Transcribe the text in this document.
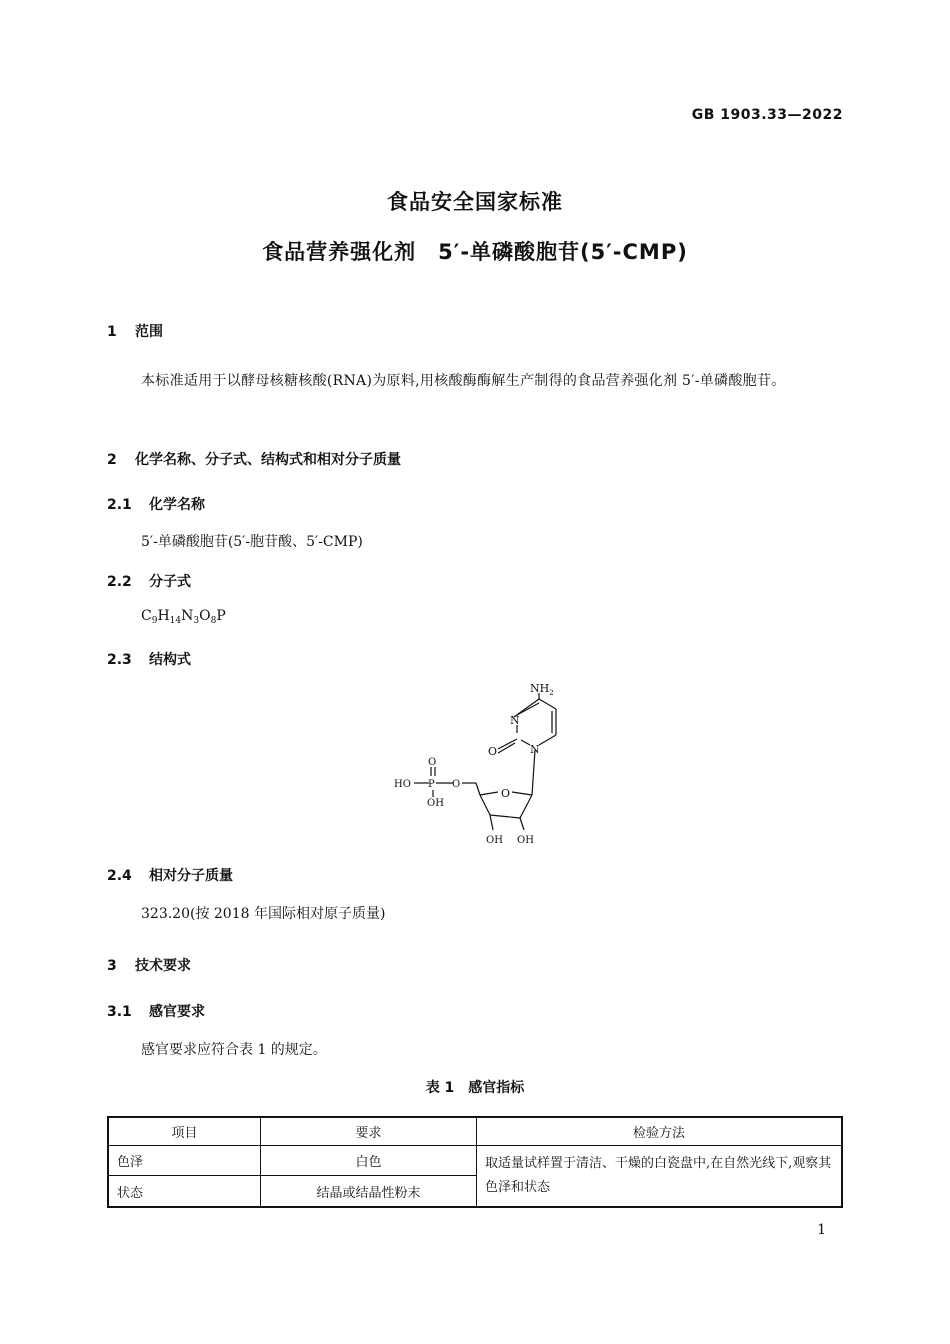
GB 1903.33—2022
食品安全国家标准
食品营养强化剂　5′-单磷酸胞苷(5′-CMP)
1 范围
本标准适用于以酵母核糖核酸(RNA)为原料,用核酸酶酶解生产制得的食品营养强化剂 5′-单磷酸胞苷。
2 化学名称、分子式、结构式和相对分子质量
2.1 化学名称
5′-单磷酸胞苷(5′-胞苷酸、5′-CMP)
2.2 分子式
$C_9H_{14}N_3O_8P$
2.3 结构式
$NH_2$
N
N
O
O
HO P
O
OH
O
OH OH
2.4 相对分子质量
323.20(按 2018 年国际相对原子质量)
3 技术要求
3.1 感官要求
感官要求应符合表 1 的规定。
表 1　感官指标
项目	要求	检验方法
色泽	白色	取适量试样置于清洁、干燥的白瓷盘中,在自然光线下,观察其色泽和状态
状态	结晶或结晶性粉末	
1
